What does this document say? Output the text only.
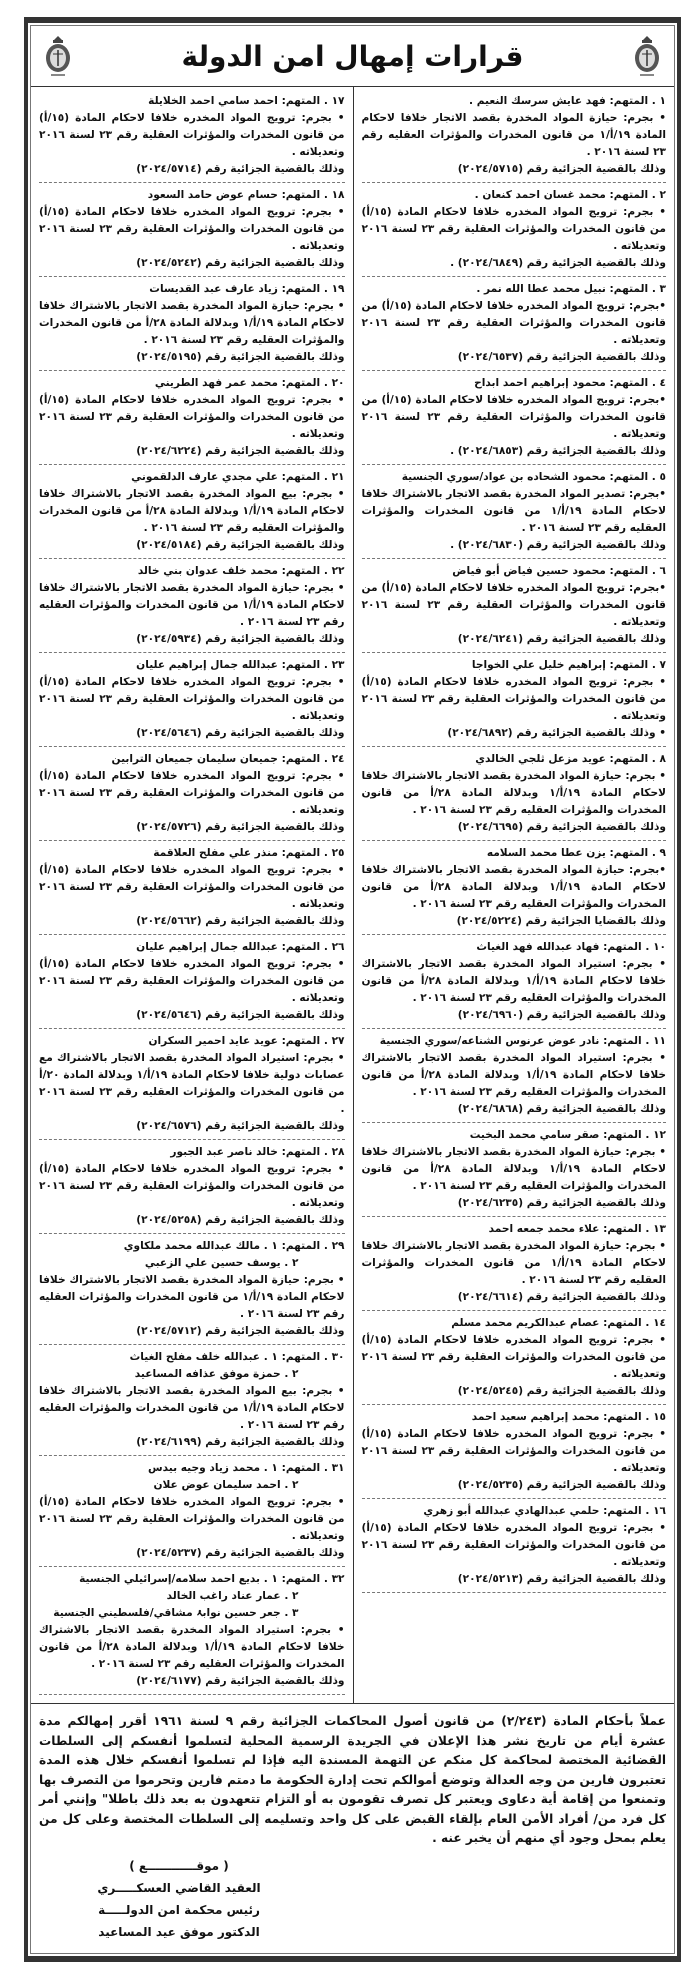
قرارات إمهال امن الدولة
١ . المتهم: فهد عايش سرسك النعيم .
• بجرم: حيازة المواد المخدرة بقصد الاتجار خلافا لاحكام المادة ١٩/أ/١ من قانون المخدرات والمؤثرات العقليه رقم ٢٣ لسنة ٢٠١٦ .
وذلك بالقضية الجزائية رقم (٢٠٢٤/٥٧١٥)
٢ . المتهم: محمد غسان احمد كنعان .
• بجرم: ترويج المواد المخدره خلافا لاحكام المادة (١٥/أ) من قانون المخدرات والمؤثرات العقلية رقم ٢٣ لسنة ٢٠١٦ وتعديلاته .
وذلك بالقضية الجزائية رقم (٢٠٢٤/٦٨٤٩) .
٣ . المتهم: نبيل محمد عطا الله نمر .
•بجرم: ترويج المواد المخدره خلافا لاحكام المادة (١٥/أ) من قانون المخدرات والمؤثرات العقلية رقم ٢٣ لسنة ٢٠١٦ وتعديلاته .
وذلك بالقضية الجزائية رقم (٢٠٢٤/٦٥٣٧)
٤ . المتهم: محمود إبراهيم احمد ابداح
•بجرم: ترويج المواد المخدره خلافا لاحكام المادة (١٥/أ) من قانون المخدرات والمؤثرات العقلية رقم ٢٣ لسنة ٢٠١٦ وتعديلاته .
وذلك بالقضية الجزائية رقم (٢٠٢٤/٦٨٥٣) .
٥ . المتهم: محمود الشحاده بن عواد/سوري الجنسية
•بجرم: تصدير المواد المخدرة بقصد الاتجار بالاشتراك خلافا لاحكام المادة ١٩/أ/١ من قانون المخدرات والمؤثرات العقليه رقم ٢٣ لسنة ٢٠١٦ .
وذلك بالقضية الجزائية رقم (٢٠٢٤/٦٨٣٠) .
٦ . المتهم: محمود حسين فياض أبو فياض
•بجرم: ترويج المواد المخدره خلافا لاحكام المادة (١٥/أ) من قانون المخدرات والمؤثرات العقلية رقم ٢٣ لسنة ٢٠١٦ وتعديلاته .
وذلك بالقضية الجزائية رقم (٢٠٢٤/٦٢٤١)
٧ . المتهم: إبراهيم خليل علي الخواجا
• بجرم: ترويج المواد المخدره خلافا لاحكام المادة (١٥/أ) من قانون المخدرات والمؤثرات العقلية رقم ٢٣ لسنة ٢٠١٦ وتعديلاته .
• وذلك بالقضية الجزائية رقم (٢٠٢٤/٦٨٩٢)
٨ . المتهم: عويد مزعل ثلجي الخالدي
• بجرم: حيازة المواد المخدرة بقصد الاتجار بالاشتراك خلافا لاحكام المادة ١٩/أ/١ وبدلالة المادة ٢٨/أ من قانون المخدرات والمؤثرات العقليه رقم ٢٣ لسنة ٢٠١٦ .
وذلك بالقضية الجزائية رقم (٢٠٢٤/٦٦٩٥)
٩ . المتهم: يزن عطا محمد السلامه
•بجرم: حيازة المواد المخدرة بقصد الاتجار بالاشتراك خلافا لاحكام المادة ١٩/أ/١ وبدلالة المادة ٢٨/أ من قانون المخدرات والمؤثرات العقليه رقم ٢٣ لسنة ٢٠١٦ .
وذلك بالقضايا الجزائية رقم (٢٠٢٤/٥٢٢٤)
١٠ . المتهم: فهاد عبدالله فهد الغياث
• بجرم: استيراد المواد المخدرة بقصد الاتجار بالاشتراك خلافا لاحكام المادة ١٩/أ/١ وبدلالة المادة ٢٨/أ من قانون المخدرات والمؤثرات العقليه رقم ٢٣ لسنة ٢٠١٦ .
وذلك بالقضية الجزائية رقم (٢٠٢٤/٦٩٦٠)
١١ . المتهم: نادر عوض عرنوس الشناعه/سوري الجنسية
• بجرم: استيراد المواد المخدرة بقصد الاتجار بالاشتراك خلافا لاحكام المادة ١٩/أ/١ وبدلالة المادة ٢٨/أ من قانون المخدرات والمؤثرات العقليه رقم ٢٣ لسنة ٢٠١٦ .
وذلك بالقضية الجزائية رقم (٢٠٢٤/٦٨٦٨)
١٢ . المتهم: صقر سامي محمد البخيت
• بجرم: حيازة المواد المخدرة بقصد الاتجار بالاشتراك خلافا لاحكام المادة ١٩/أ/١ وبدلالة المادة ٢٨/أ من قانون المخدرات والمؤثرات العقليه رقم ٢٣ لسنة ٢٠١٦ .
وذلك بالقضية الجزائية رقم (٢٠٢٤/٦٢٣٥)
١٣ . المتهم: علاء محمد جمعه احمد
• بجرم: حيازة المواد المخدرة بقصد الاتجار بالاشتراك خلافا لاحكام المادة ١٩/أ/١ من قانون المخدرات والمؤثرات العقليه رقم ٢٣ لسنة ٢٠١٦ .
وذلك بالقضية الجزائية رقم (٢٠٢٤/٦٦١٤)
١٤ . المتهم: عصام عبدالكريم محمد مسلم
• بجرم: ترويج المواد المخدره خلافا لاحكام المادة (١٥/أ) من قانون المخدرات والمؤثرات العقلية رقم ٢٣ لسنة ٢٠١٦ وتعديلاته .
وذلك بالقضية الجزائية رقم (٢٠٢٤/٥٢٤٥)
١٥ . المتهم: محمد إبراهيم سعيد احمد
• بجرم: ترويج المواد المخدره خلافا لاحكام المادة (١٥/أ) من قانون المخدرات والمؤثرات العقلية رقم ٢٣ لسنة ٢٠١٦ وتعديلاته .
وذلك بالقضية الجزائية رقم (٢٠٢٤/٥٢٣٥)
١٦ . المتهم: حلمي عبدالهادي عبدالله أبو زهري
• بجرم: ترويج المواد المخدره خلافا لاحكام المادة (١٥/أ) من قانون المخدرات والمؤثرات العقلية رقم ٢٣ لسنة ٢٠١٦ وتعديلاته .
وذلك بالقضية الجزائية رقم (٢٠٢٤/٥٢١٣)
١٧ . المتهم: احمد سامي احمد الخلايلة
• بجرم: ترويج المواد المخدره خلافا لاحكام المادة (١٥/أ) من قانون المخدرات والمؤثرات العقلية رقم ٢٣ لسنة ٢٠١٦ وتعديلاته .
وذلك بالقضية الجزائية رقم (٢٠٢٤/٥٧١٤)
١٨ . المتهم: حسام عوض حامد السعود
• بجرم: ترويج المواد المخدره خلافا لاحكام المادة (١٥/أ) من قانون المخدرات والمؤثرات العقلية رقم ٢٣ لسنة ٢٠١٦ وتعديلاته .
وذلك بالقضية الجزائية رقم (٢٠٢٤/٥٢٤٢)
١٩ . المتهم: زياد عارف عبد القديسات
• بجرم: حيازة المواد المخدرة بقصد الاتجار بالاشتراك خلافا لاحكام المادة ١٩/أ/١ وبدلالة المادة ٢٨/أ من قانون المخدرات والمؤثرات العقليه رقم ٢٣ لسنة ٢٠١٦ .
وذلك بالقضية الجزائية رقم (٢٠٢٤/٥١٩٥)
٢٠ . المتهم: محمد عمر فهد الطريني
• بجرم: ترويج المواد المخدره خلافا لاحكام المادة (١٥/أ) من قانون المخدرات والمؤثرات العقلية رقم ٢٣ لسنة ٢٠١٦ وتعديلاته .
وذلك بالقضية الجزائية رقم (٢٠٢٤/٦٢٢٤)
٢١ . المتهم: علي مجدي عارف الدلقموني
• بجرم: بيع المواد المخدرة بقصد الاتجار بالاشتراك خلافا لاحكام المادة ١٩/أ/١ وبدلالة المادة ٢٨/أ من قانون المخدرات والمؤثرات العقليه رقم ٢٣ لسنة ٢٠١٦ .
وذلك بالقضية الجزائية رقم (٢٠٢٤/٥١٨٤)
٢٢ . المتهم: محمد خلف عدوان بني خالد
• بجرم: حيازة المواد المخدرة بقصد الاتجار بالاشتراك خلافا لاحكام المادة ١٩/أ/١ من قانون المخدرات والمؤثرات العقليه رقم ٢٣ لسنة ٢٠١٦ .
وذلك بالقضية الجزائية رقم (٢٠٢٤/٥٩٣٤)
٢٣ . المتهم: عبدالله جمال إبراهيم عليان
• بجرم: ترويج المواد المخدره خلافا لاحكام المادة (١٥/أ) من قانون المخدرات والمؤثرات العقلية رقم ٢٣ لسنة ٢٠١٦ وتعديلاته .
وذلك بالقضية الجزائية رقم (٢٠٢٤/٥٦٤٦)
٢٤ . المتهم: جميعان سليمان جميعان الترابين
• بجرم: ترويج المواد المخدره خلافا لاحكام المادة (١٥/أ) من قانون المخدرات والمؤثرات العقلية رقم ٢٣ لسنة ٢٠١٦ وتعديلاته .
وذلك بالقضية الجزائية رقم (٢٠٢٤/٥٧٢٦)
٢٥ . المتهم: منذر علي مفلح العلاقمة
• بجرم: ترويج المواد المخدره خلافا لاحكام المادة (١٥/أ) من قانون المخدرات والمؤثرات العقلية رقم ٢٣ لسنة ٢٠١٦ وتعديلاته .
وذلك بالقضية الجزائية رقم (٢٠٢٤/٥٦٦٢)
٢٦ . المتهم: عبدالله جمال إبراهيم عليان
• بجرم: ترويج المواد المخدره خلافا لاحكام المادة (١٥/أ) من قانون المخدرات والمؤثرات العقلية رقم ٢٣ لسنة ٢٠١٦ وتعديلاته .
وذلك بالقضية الجزائية رقم (٢٠٢٤/٥٦٤٦)
٢٧ . المتهم: عويد عايد احمير السكران
• بجرم: استيراد المواد المخدرة بقصد الاتجار بالاشتراك مع عصابات دولية خلافا لاحكام المادة ١٩/أ/١ وبدلالة المادة ٢٠/أ من قانون المخدرات والمؤثرات العقليه رقم ٢٣ لسنة ٢٠١٦ .
وذلك بالقضية الجزائية رقم (٢٠٢٤/٦٥٧٦)
٢٨ . المتهم: خالد ناصر عبد الجبور
• بجرم: ترويج المواد المخدره خلافا لاحكام المادة (١٥/أ) من قانون المخدرات والمؤثرات العقلية رقم ٢٣ لسنة ٢٠١٦ وتعديلاته .
وذلك بالقضية الجزائية رقم (٢٠٢٤/٥٢٥٨)
٢٩ . المتهم: ١ . مالك عبدالله محمد ملكاوي
٢ . يوسف حسين علي الزعبي
• بجرم: حيازة المواد المخدرة بقصد الاتجار بالاشتراك خلافا لاحكام المادة ١٩/أ/١ من قانون المخدرات والمؤثرات العقليه رقم ٢٣ لسنة ٢٠١٦ .
وذلك بالقضية الجزائية رقم (٢٠٢٤/٥٧١٢)
٣٠ . المتهم: ١ . عبدالله خلف مفلح الغياث
٢ . حمزة موفق عذافه المساعيد
• بجرم: بيع المواد المخدرة بقصد الاتجار بالاشتراك خلافا لاحكام المادة ١٩/أ/١ من قانون المخدرات والمؤثرات العقليه رقم ٢٣ لسنة ٢٠١٦ .
وذلك بالقضية الجزائية رقم (٢٠٢٤/٦١٩٩)
٣١ . المتهم: ١ . محمد زياد وجيه بيدس
٢ . احمد سليمان عوض علان
• بجرم: ترويج المواد المخدره خلافا لاحكام المادة (١٥/أ) من قانون المخدرات والمؤثرات العقلية رقم ٢٣ لسنة ٢٠١٦ وتعديلاته .
وذلك بالقضية الجزائية رقم (٢٠٢٤/٥٢٣٧)
٣٢ . المتهم: ١ . بديع احمد سلامه/إسرائيلي الجنسية
٢ . عمار عناد راغب الخالد
٣ . جعر حسين نوابۂ مشاقي/فلسطيني الجنسية
• بجرم: استيراد المواد المخدرة بقصد الاتجار بالاشتراك خلافا لاحكام المادة ١٩/أ/١ وبدلالة المادة ٢٨/أ من قانون المخدرات والمؤثرات العقليه رقم ٢٣ لسنة ٢٠١٦ .
وذلك بالقضية الجزائية رقم (٢٠٢٤/٦١٧٧)
عملاً بأحكام المادة (٢/٢٤٣) من قانون أصول المحاكمات الجزائية رقم ٩ لسنة ١٩٦١ أقرر إمهالكم مدة عشرة أيام من تاريخ نشر هذا الإعلان في الجريدة الرسمية المحلية لتسلموا أنفسكم إلى السلطات القضائية المختصة لمحاكمة كل منكم عن التهمة المسندة اليه فإذا لم تسلموا أنفسكم خلال هذه المدة تعتبرون فارين من وجه العدالة وتوضع أموالكم تحت إدارة الحكومة ما دمتم فارين وتحرموا من التصرف بها وتمنعوا من إقامة أية دعاوى ويعتبر كل تصرف تقومون به أو التزام تتعهدون به بعد ذلك باطلا" وإنني أمر كل فرد من/ أفراد الأمن العام بإلقاء القبض على كل واحد وتسليمه إلى السلطات المختصة وعلى كل من يعلم بمحل وجود أي منهم أن يخبر عنه .
( موقــــــــــــع )
العقيد القاضي العسكـــــري
رئيس محكمة امن الدولـــــة
الدكتور موفق عيد المساعيد
